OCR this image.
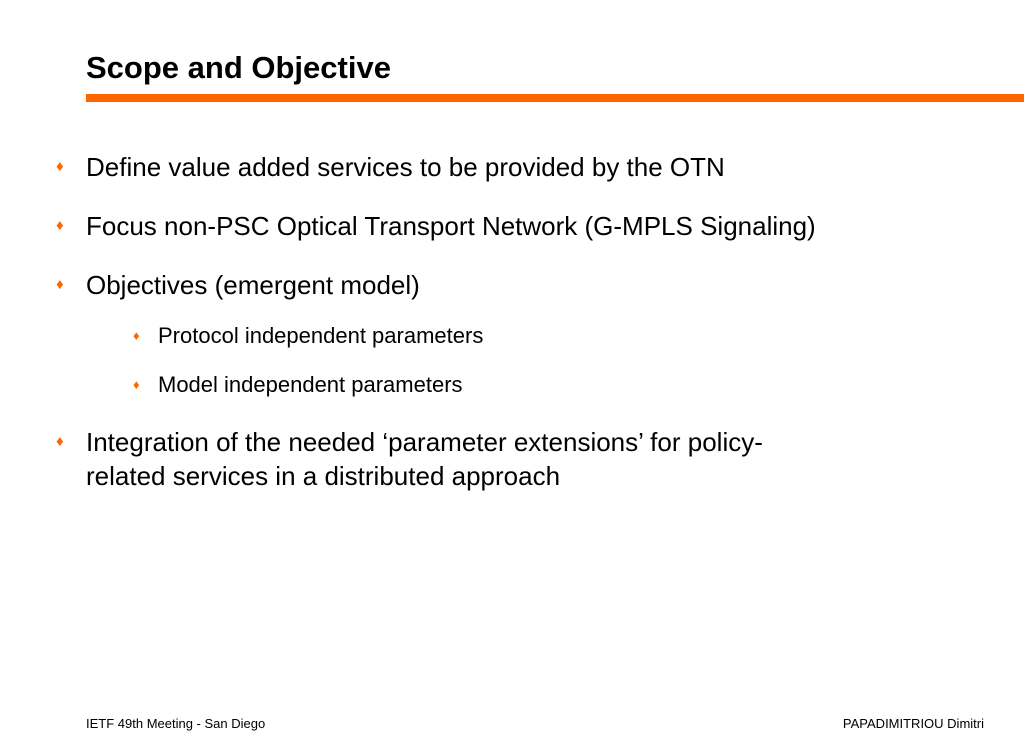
Scope and Objective
♦ Define value added services to be provided by the OTN
♦ Focus non-PSC Optical Transport Network (G-MPLS Signaling)
♦ Objectives (emergent model)
♦ Protocol independent parameters
♦ Model independent parameters
♦ Integration of the needed ‘parameter extensions’ for policy-
related services in a distributed approach
IETF 49th Meeting - San Diego	PAPADIMITRIOU Dimitri
